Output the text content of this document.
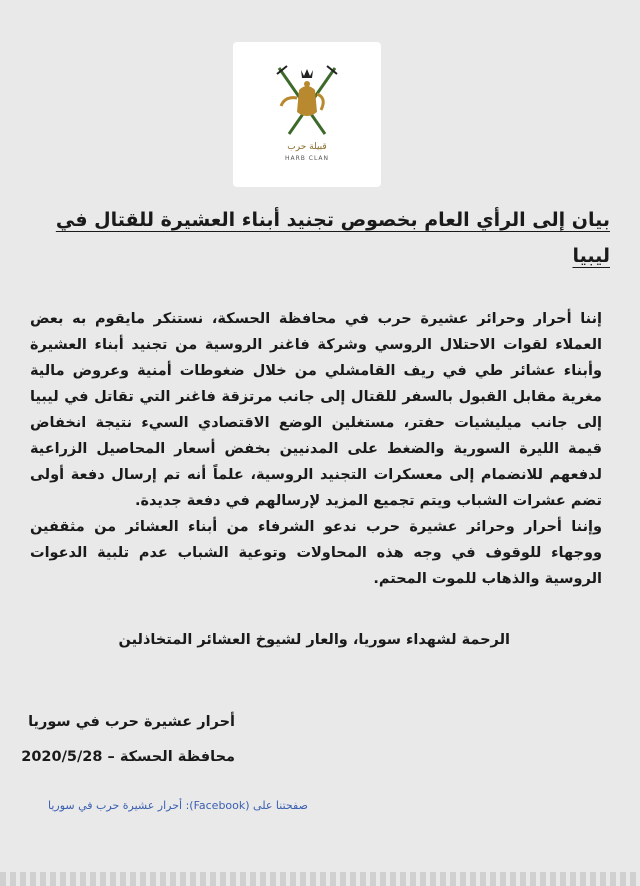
قبيلة حرب
HARB CLAN
بيان إلى الرأي العام بخصوص تجنيد أبناء العشيرة للقتال في ليبيا
إننا أحرار وحرائر عشيرة حرب في محافظة الحسكة، نستنكر مايقوم به بعض العملاء لقوات الاحتلال الروسي وشركة فاغنر الروسية من تجنيد أبناء العشيرة وأبناء عشائر طي في ريف القامشلي من خلال ضغوطات أمنية وعروض مالية مغرية مقابل القبول بالسفر للقتال إلى جانب مرتزقة فاغنر التي تقاتل في ليبيا إلى جانب ميليشيات حفتر، مستغلين الوضع الاقتصادي السيء نتيجة انخفاض قيمة الليرة السورية والضغط على المدنيين بخفض أسعار المحاصيل الزراعية لدفعهم للانضمام إلى معسكرات التجنيد الروسية، علماً أنه تم إرسال دفعة أولى تضم عشرات الشباب ويتم تجميع المزيد لإرسالهم في دفعة جديدة.
وإننا أحرار وحرائر عشيرة حرب ندعو الشرفاء من أبناء العشائر من مثقفين ووجهاء للوقوف في وجه هذه المحاولات وتوعية الشباب عدم تلبية الدعوات الروسية والذهاب للموت المحتم.
الرحمة لشهداء سوريا، والعار لشيوخ العشائر المتخاذلين
أحرار عشيرة حرب في سوريا
محافظة الحسكة – 2020/5/28
صفحتنا على (Facebook): أحرار عشيرة حرب في سوريا
